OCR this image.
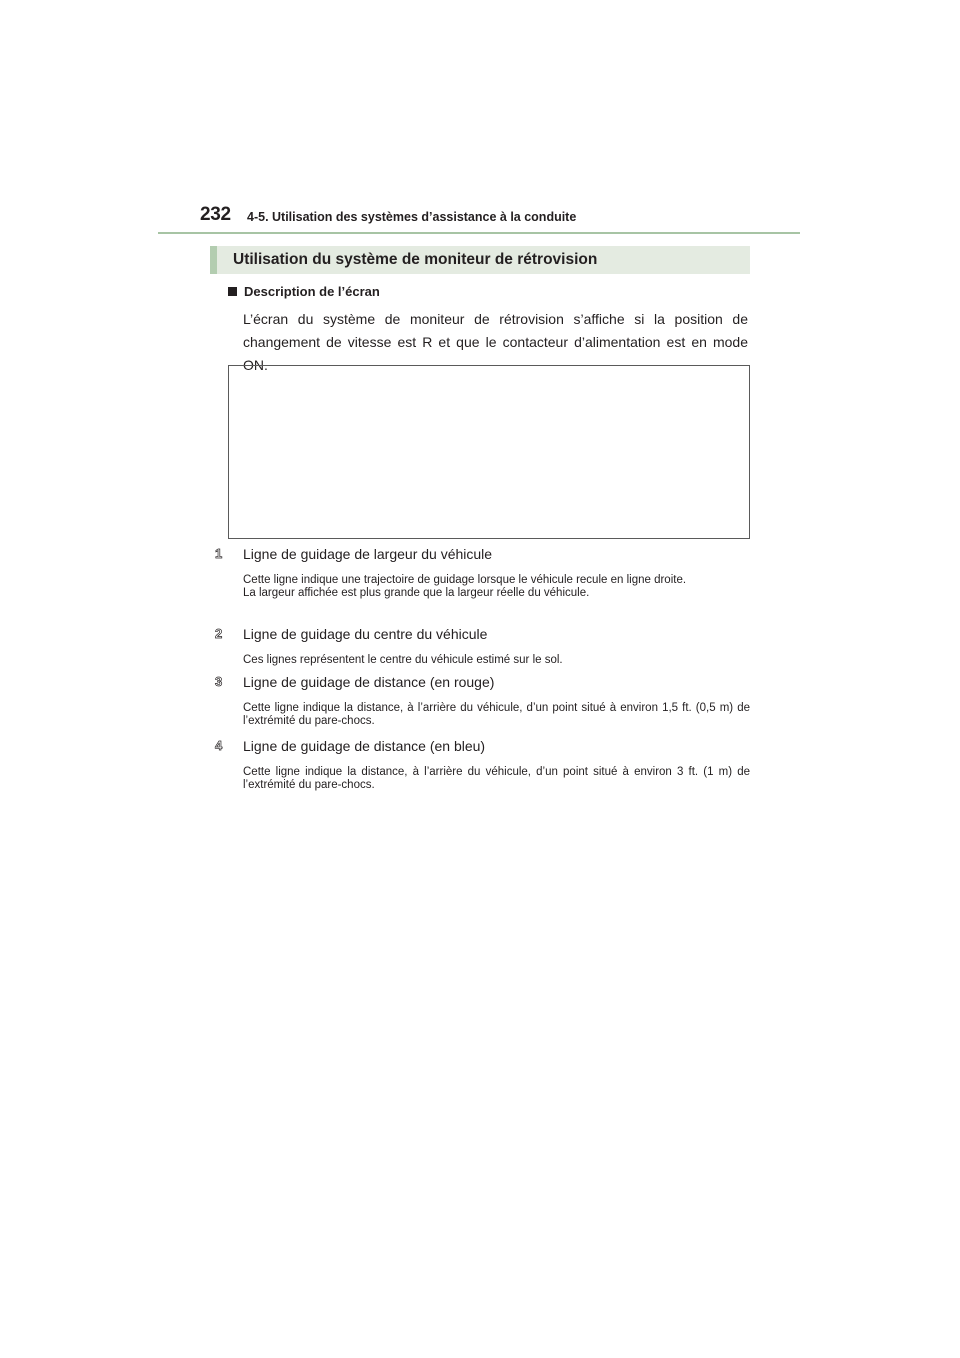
232 4-5. Utilisation des systèmes d’assistance à la conduite
Utilisation du système de moniteur de rétrovision
Description de l’écran
L’écran du système de moniteur de rétrovision s’affiche si la position de changement de vitesse est R et que le contacteur d’alimentation est en mode ON.
1 Ligne de guidage de largeur du véhicule
Cette ligne indique une trajectoire de guidage lorsque le véhicule recule en ligne droite.
La largeur affichée est plus grande que la largeur réelle du véhicule.
2 Ligne de guidage du centre du véhicule
Ces lignes représentent le centre du véhicule estimé sur le sol.
3 Ligne de guidage de distance (en rouge)
Cette ligne indique la distance, à l’arrière du véhicule, d’un point situé à environ 1,5 ft. (0,5 m) de l’extrémité du pare-chocs.
4 Ligne de guidage de distance (en bleu)
Cette ligne indique la distance, à l’arrière du véhicule, d’un point situé à environ 3 ft. (1 m) de l’extrémité du pare-chocs.
